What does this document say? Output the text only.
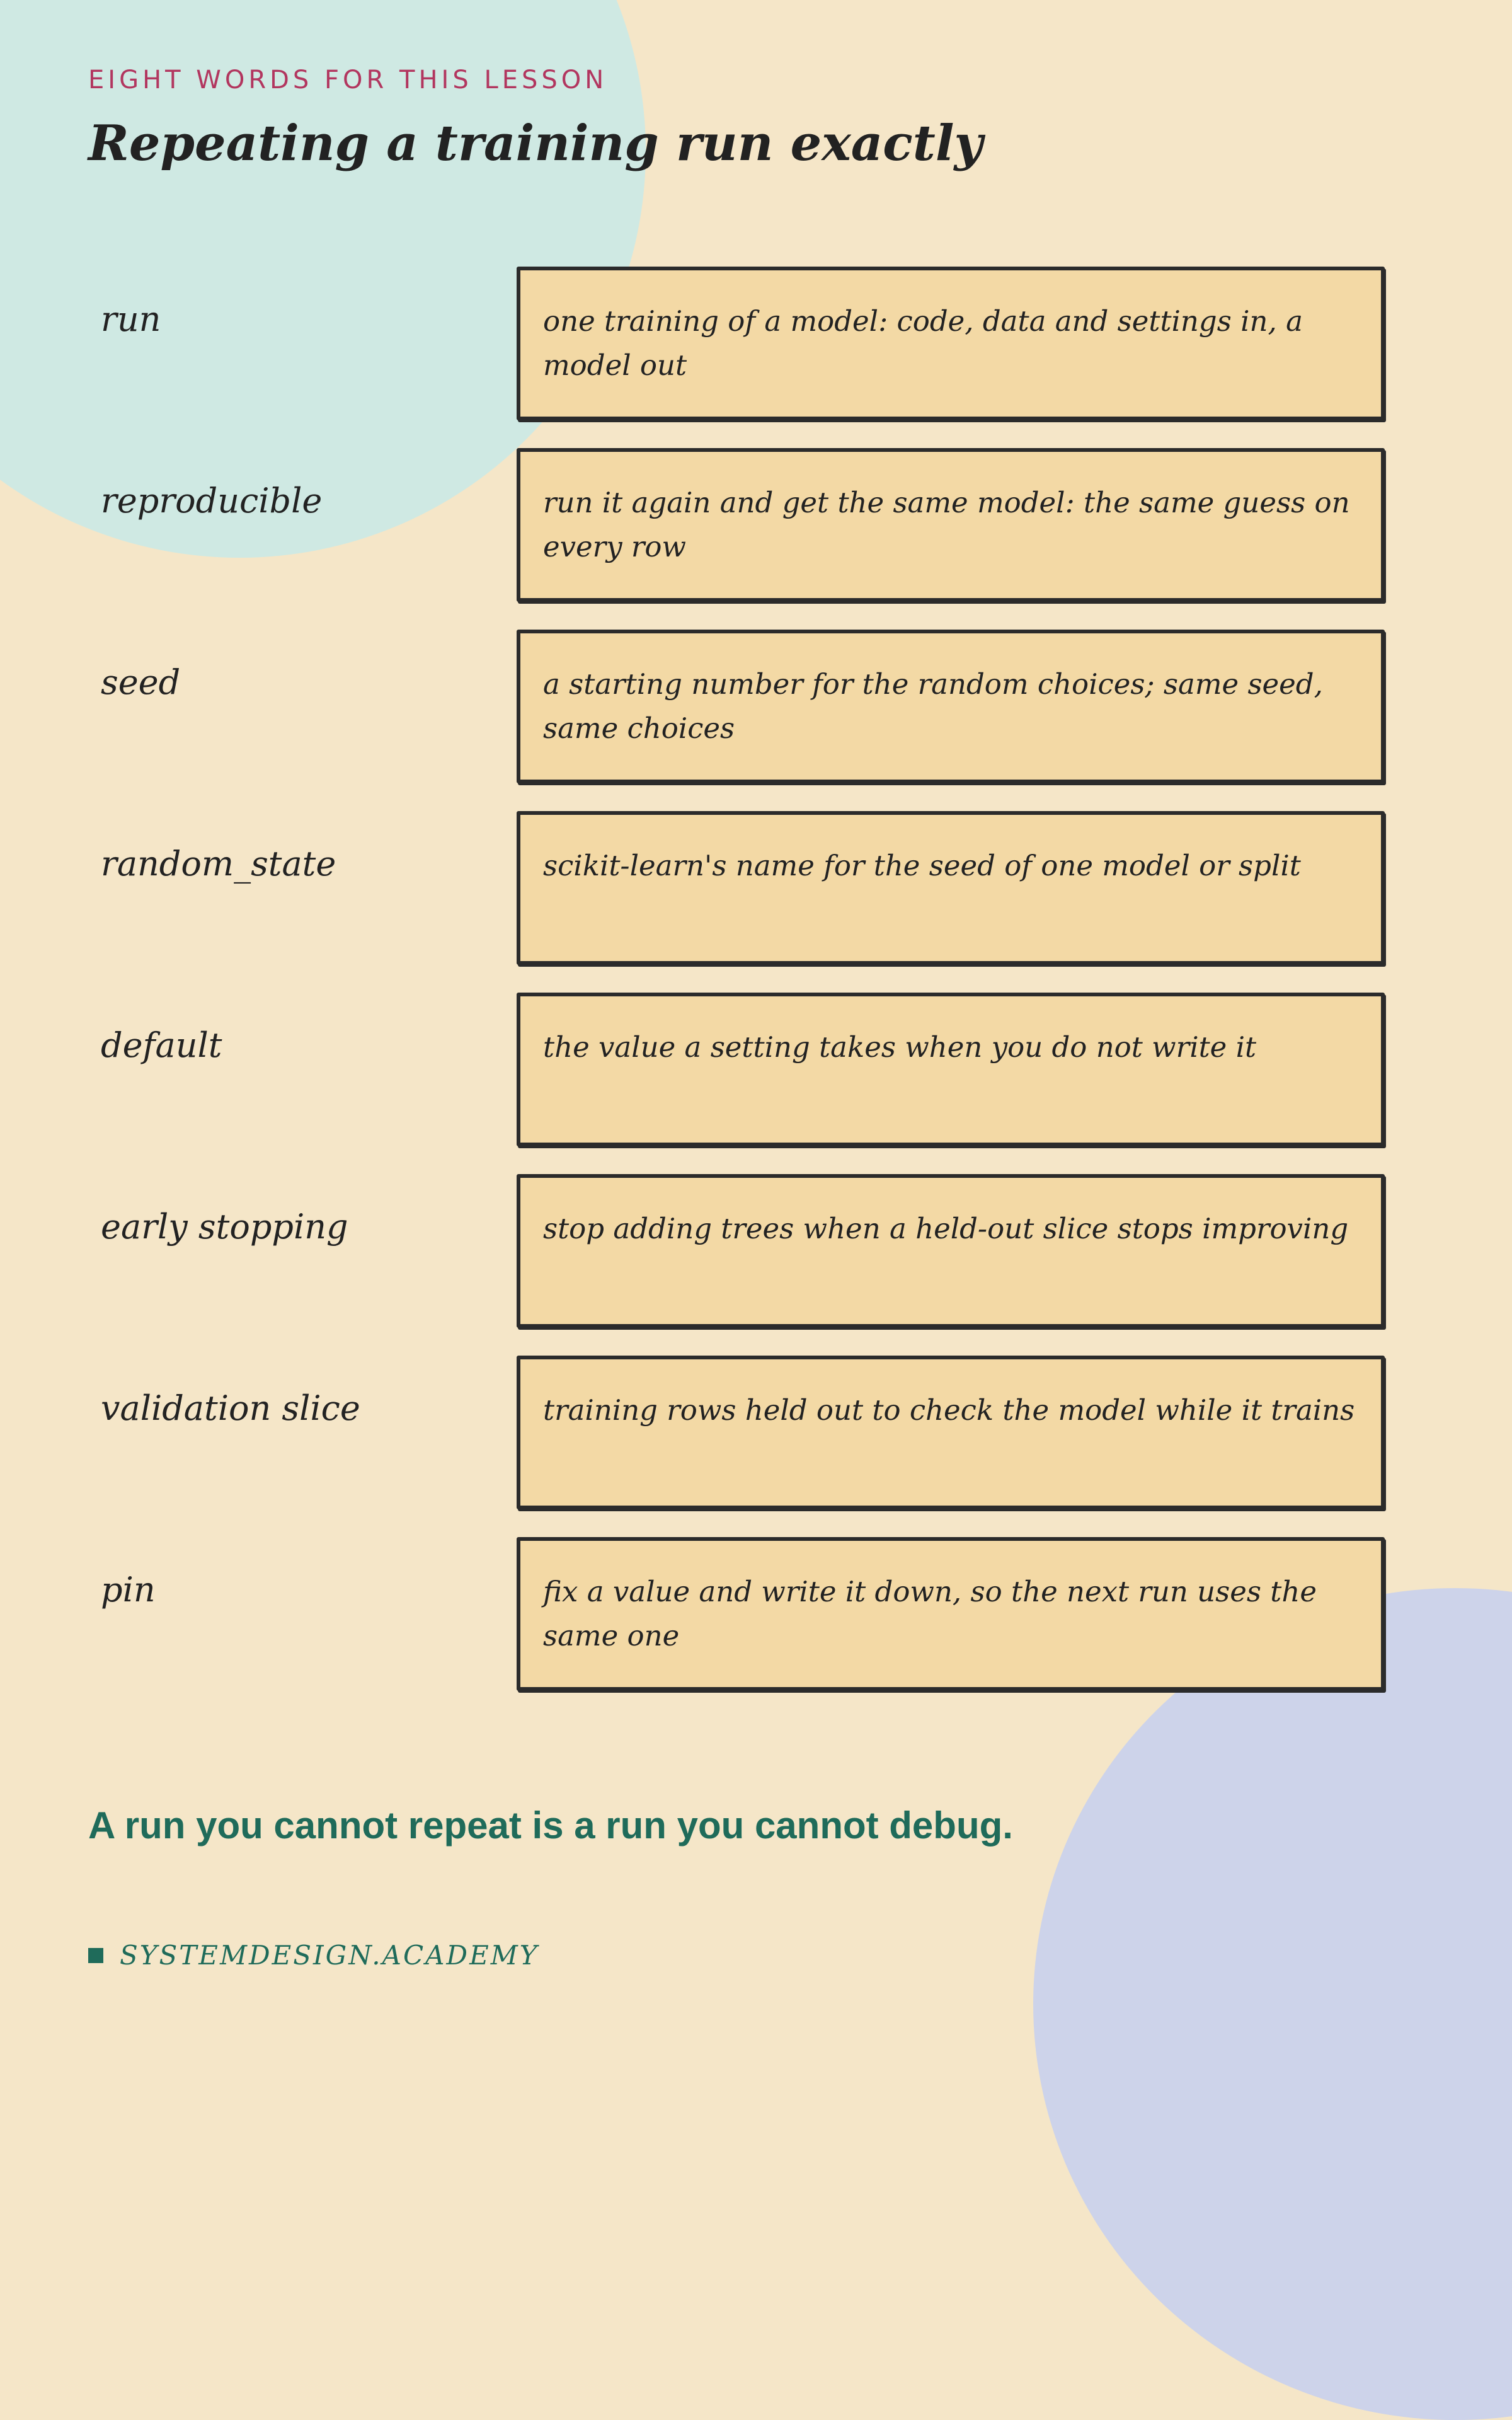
EIGHT WORDS FOR THIS LESSON

Repeating a training run exactly
run	one training of a model: code, data and settings in, a model out

reproducible	run it again and get the same model: the same guess on every row

seed	a starting number for the random choices; same seed, same choices

random_state	scikit-learn's name for the seed of one model or split

default	the value a setting takes when you do not write it

early stopping	stop adding trees when a held-out slice stops improving

validation slice	training rows held out to check the model while it trains

pin	fix a value and write it down, so the next run uses the same one

A run you cannot repeat is a run you cannot debug.

SYSTEMDESIGN.ACADEMY
